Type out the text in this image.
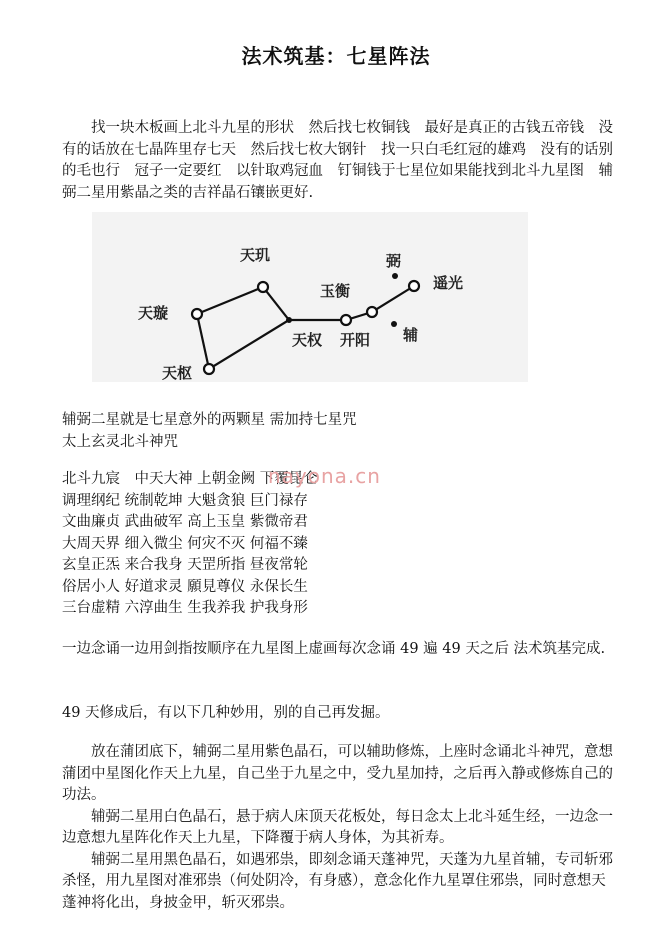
法术筑基：七星阵法
找一块木板画上北斗九星的形状　然后找七枚铜钱　最好是真正的古钱五帝钱　没有的话放在七晶阵里存七天　然后找七枚大钢针　找一只白毛红冠的雄鸡　没有的话别的毛也行　冠子一定要红　以针取鸡冠血　钉铜钱于七星位如果能找到北斗九星图　辅弼二星用紫晶之类的吉祥晶石镶嵌更好.
天玑
天璇
天枢
玉衡
天权 开阳
遥光
弼
辅
辅弼二星就是七星意外的两颗星 需加持七星咒
太上玄灵北斗神咒
北斗九宸　中天大神 上朝金阙 下覆昆仑
调理纲纪 统制乾坤 大魁贪狼 巨门禄存
文曲廉贞 武曲破军 高上玉皇 紫微帝君
大周天界 细入微尘 何灾不灭 何福不臻
玄皇正炁 来合我身 天罡所指 昼夜常轮
俗居小人 好道求灵 願見尊仪 永保长生
三台虚精 六淳曲生 生我养我 护我身形
nayona.cn
一边念诵一边用剑指按顺序在九星图上虚画每次念诵 49 遍 49 天之后 法术筑基完成.
49 天修成后，有以下几种妙用，别的自己再发掘。
放在蒲团底下，辅弼二星用紫色晶石，可以辅助修炼，上座时念诵北斗神咒，意想蒲团中星图化作天上九星，自己坐于九星之中，受九星加持，之后再入静或修炼自己的功法。
辅弼二星用白色晶石，悬于病人床顶天花板处，每日念太上北斗延生经，一边念一边意想九星阵化作天上九星，下降覆于病人身体，为其祈寿。
辅弼二星用黑色晶石，如遇邪祟，即刻念诵天蓬神咒，天蓬为九星首辅，专司斩邪杀怪，用九星图对准邪祟（何处阴冷，有身感），意念化作九星罩住邪祟，同时意想天蓬神将化出，身披金甲，斩灭邪祟。
